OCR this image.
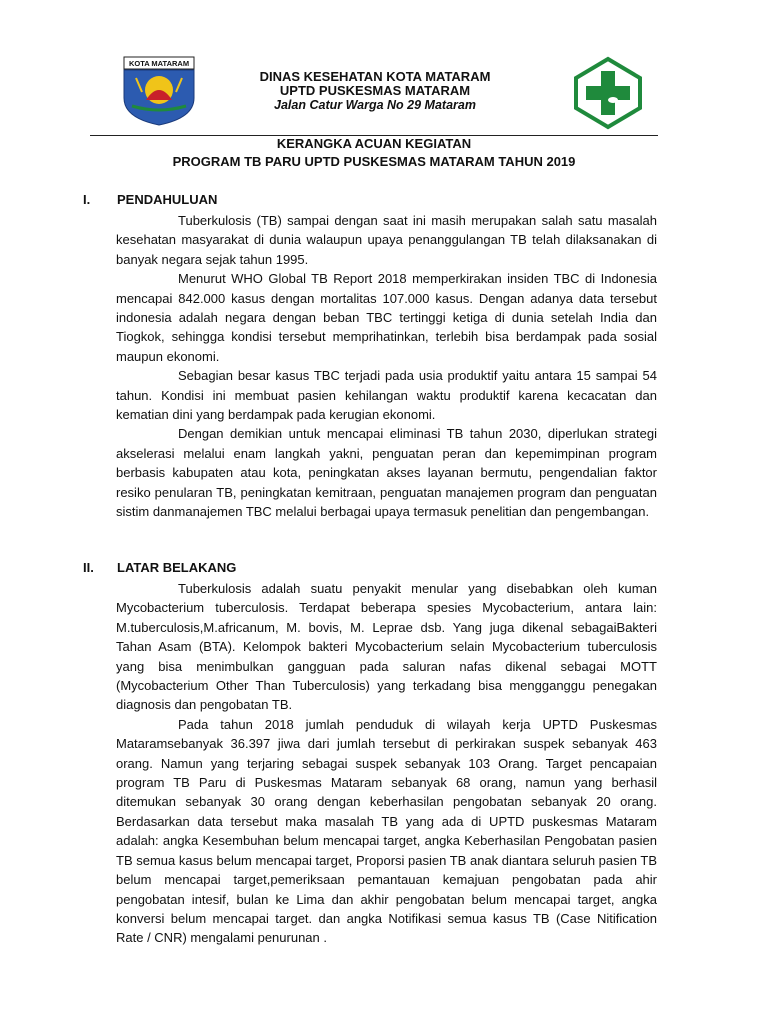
KOTA MATARAM
DINAS KESEHATAN KOTA MATARAM
UPTD PUSKESMAS MATARAM
Jalan Catur Warga No 29 Mataram
KERANGKA ACUAN KEGIATAN
PROGRAM TB PARU UPTD PUSKESMAS MATARAM TAHUN 2019
I. PENDAHULUAN

Tuberkulosis (TB) sampai dengan saat ini masih merupakan salah satu masalah kesehatan masyarakat di dunia walaupun upaya penanggulangan TB telah dilaksanakan di banyak negara sejak tahun 1995.

Menurut WHO Global TB Report 2018 memperkirakan insiden TBC di Indonesia mencapai 842.000 kasus dengan mortalitas 107.000 kasus. Dengan adanya data tersebut indonesia adalah negara dengan beban TBC tertinggi ketiga di dunia setelah India dan Tiogkok, sehingga kondisi tersebut memprihatinkan, terlebih bisa berdampak pada sosial maupun ekonomi.

Sebagian besar kasus TBC terjadi pada usia produktif yaitu antara 15 sampai 54 tahun. Kondisi ini membuat pasien kehilangan waktu produktif karena kecacatan dan kematian dini yang berdampak pada kerugian ekonomi.

Dengan demikian untuk mencapai eliminasi TB tahun 2030, diperlukan strategi akselerasi melalui enam langkah yakni, penguatan peran dan kepemimpinan program berbasis kabupaten atau kota, peningkatan akses layanan bermutu, pengendalian faktor resiko penularan TB, peningkatan kemitraan, penguatan manajemen program dan penguatan sistim danmanajemen TBC melalui berbagai upaya termasuk penelitian dan pengembangan.

II. LATAR BELAKANG

Tuberkulosis adalah suatu penyakit menular yang disebabkan oleh kuman Mycobacterium tuberculosis. Terdapat beberapa spesies Mycobacterium, antara lain: M.tuberculosis,M.africanum, M. bovis, M. Leprae dsb. Yang juga dikenal sebagaiBakteri Tahan Asam (BTA). Kelompok bakteri Mycobacterium selain Mycobacterium tuberculosis yang bisa menimbulkan gangguan pada saluran nafas dikenal sebagai MOTT (Mycobacterium Other Than Tuberculosis) yang terkadang bisa mengganggu penegakan diagnosis dan pengobatan TB.

Pada tahun 2018 jumlah penduduk di wilayah kerja UPTD Puskesmas Mataramsebanyak 36.397 jiwa dari jumlah tersebut di perkirakan suspek sebanyak 463 orang. Namun yang terjaring sebagai suspek sebanyak 103 Orang. Target pencapaian program TB Paru di Puskesmas Mataram sebanyak 68 orang, namun yang berhasil ditemukan sebanyak 30 orang dengan keberhasilan pengobatan sebanyak 20 orang. Berdasarkan data tersebut maka masalah TB yang ada di UPTD puskesmas Mataram adalah: angka Kesembuhan belum mencapai target, angka Keberhasilan Pengobatan pasien TB semua kasus belum mencapai target, Proporsi pasien TB anak diantara seluruh pasien TB belum mencapai target,pemeriksaan pemantauan kemajuan pengobatan pada ahir pengobatan intesif, bulan ke Lima dan akhir pengobatan belum mencapai target, angka konversi belum mencapai target. dan angka Notifikasi semua kasus TB (Case Nitification Rate / CNR) mengalami penurunan .
